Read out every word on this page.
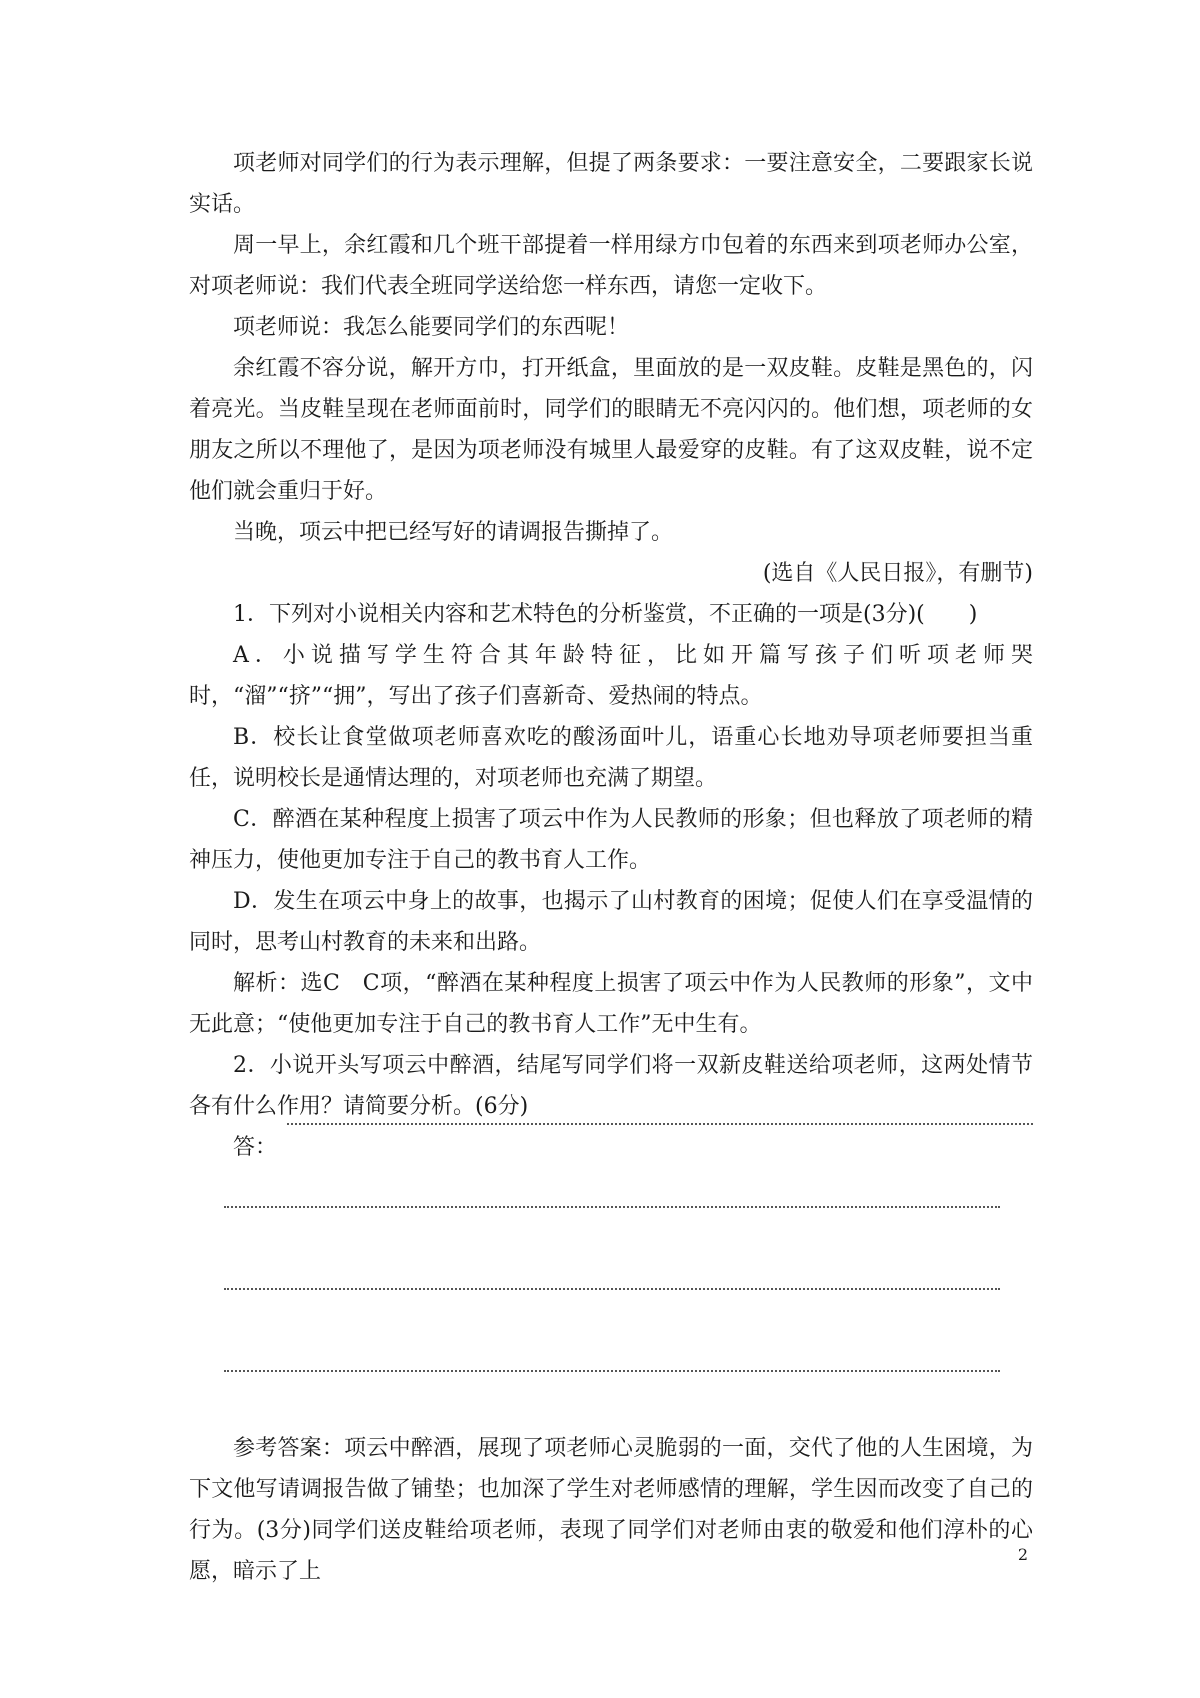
项老师对同学们的行为表示理解，但提了两条要求：一要注意安全，二要跟家长说实话。

周一早上，余红霞和几个班干部提着一样用绿方巾包着的东西来到项老师办公室，对项老师说：我们代表全班同学送给您一样东西，请您一定收下。

项老师说：我怎么能要同学们的东西呢！

余红霞不容分说，解开方巾，打开纸盒，里面放的是一双皮鞋。皮鞋是黑色的，闪着亮光。当皮鞋呈现在老师面前时，同学们的眼睛无不亮闪闪的。他们想，项老师的女朋友之所以不理他了，是因为项老师没有城里人最爱穿的皮鞋。有了这双皮鞋，说不定他们就会重归于好。

当晚，项云中把已经写好的请调报告撕掉了。

(选自《人民日报》，有删节)

1．下列对小说相关内容和艺术特色的分析鉴赏，不正确的一项是(3分)(　　)

A．小说描写学生符合其年龄特征，比如开篇写孩子们听项老师哭时，“溜”“挤”“拥”，写出了孩子们喜新奇、爱热闹的特点。

B．校长让食堂做项老师喜欢吃的酸汤面叶儿，语重心长地劝导项老师要担当重任，说明校长是通情达理的，对项老师也充满了期望。

C．醉酒在某种程度上损害了项云中作为人民教师的形象；但也释放了项老师的精神压力，使他更加专注于自己的教书育人工作。

D．发生在项云中身上的故事，也揭示了山村教育的困境；促使人们在享受温情的同时，思考山村教育的未来和出路。

解析：选C　C项，“醉酒在某种程度上损害了项云中作为人民教师的形象”，文中无此意；“使他更加专注于自己的教书育人工作”无中生有。

2．小说开头写项云中醉酒，结尾写同学们将一双新皮鞋送给项老师，这两处情节各有什么作用？请简要分析。(6分)

答：

参考答案：项云中醉酒，展现了项老师心灵脆弱的一面，交代了他的人生困境，为下文他写请调报告做了铺垫；也加深了学生对老师感情的理解，学生因而改变了自己的行为。(3分)同学们送皮鞋给项老师，表现了同学们对老师由衷的敬爱和他们淳朴的心愿，暗示了上

2
